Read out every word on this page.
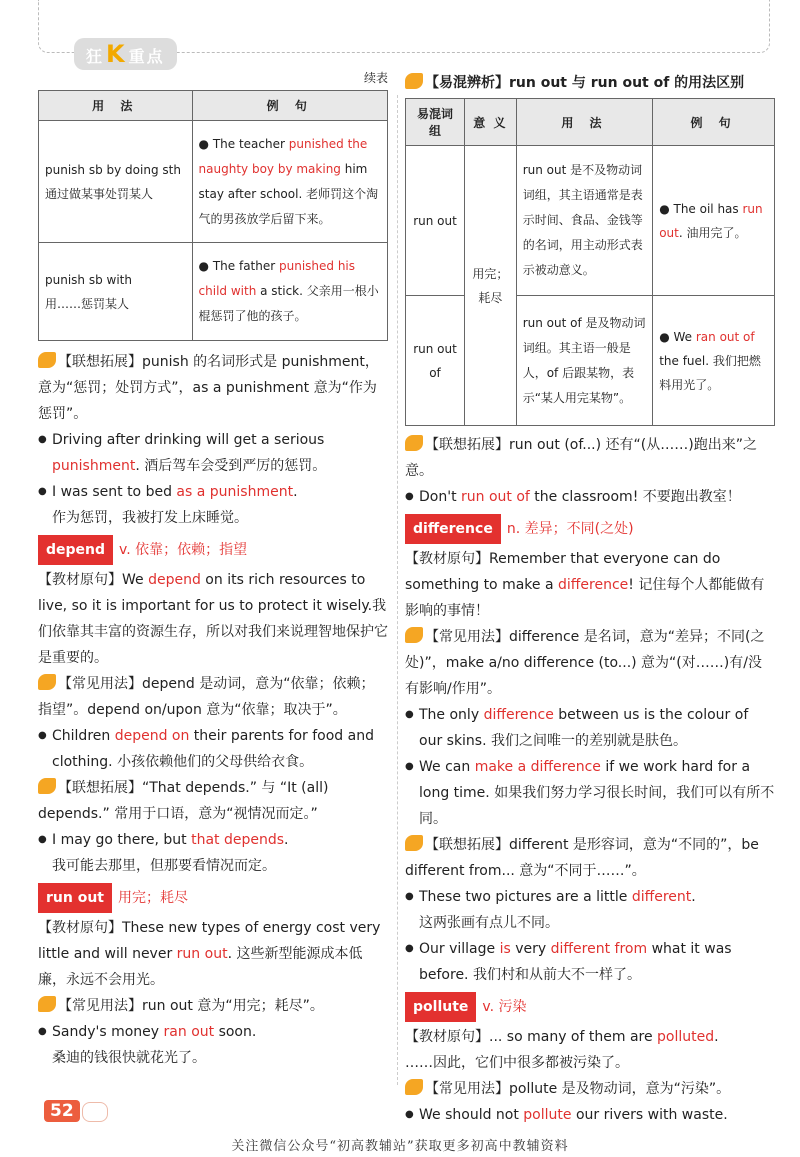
狂K 重点
续表
用 法	例 句

punish sb by doing sth
通过做某事处罚某人	● The teacher punished the naughty boy by making him stay after school. 老师罚这个淘气的男孩放学后留下来。

punish sb with
用……惩罚某人	● The father punished his child with a stick. 父亲用一根小棍惩罚了他的孩子。

【联想拓展】punish 的名词形式是 punishment，意为“惩罚；处罚方式”，as a punishment 意为“作为惩罚”。

● Driving after drinking will get a serious punishment. 酒后驾车会受到严厉的惩罚。
● I was sent to bed as a punishment.
作为惩罚，我被打发上床睡觉。
depend v. 依靠；依赖；指望

【教材原句】We depend on its rich resources to live, so it is important for us to protect it wisely.我们依靠其丰富的资源生存，所以对我们来说理智地保护它是重要的。

【常见用法】depend 是动词，意为“依靠；依赖；指望”。depend on/upon 意为“依靠；取决于”。

● Children depend on their parents for food and clothing. 小孩依赖他们的父母供给衣食。

【联想拓展】“That depends.” 与 “It (all) depends.” 常用于口语，意为“视情况而定。”

● I may go there, but that depends.
我可能去那里，但那要看情况而定。
run out 用完；耗尽

【教材原句】These new types of energy cost very little and will never run out. 这些新型能源成本低廉，永远不会用光。

【常见用法】run out 意为“用完；耗尽”。

● Sandy's money ran out soon.
桑迪的钱很快就花光了。

【易混辨析】run out 与 run out of 的用法区别

易混词组	意 义	用 法	例 句
run out	用完；耗尽	run out 是不及物动词词组，其主语通常是表示时间、食品、金钱等的名词，用主动形式表示被动意义。	● The oil has run out. 油用完了。
run out of		run out of 是及物动词词组。其主语一般是人，of 后跟某物，表示“某人用完某物”。	● We ran out of the fuel. 我们把燃料用光了。

【联想拓展】run out (of...) 还有“(从……)跑出来”之意。

● Don't run out of the classroom! 不要跑出教室！
difference n. 差异；不同(之处)

【教材原句】Remember that everyone can do something to make a difference! 记住每个人都能做有影响的事情！

【常见用法】difference 是名词，意为“差异；不同(之处)”，make a/no difference (to...) 意为“(对……)有/没有影响/作用”。

● The only difference between us is the colour of our skins. 我们之间唯一的差别就是肤色。
● We can make a difference if we work hard for a long time. 如果我们努力学习很长时间，我们可以有所不同。

【联想拓展】different 是形容词，意为“不同的”，be different from... 意为“不同于……”。

● These two pictures are a little different.
这两张画有点儿不同。
● Our village is very different from what it was before. 我们村和从前大不一样了。
pollute v. 污染

【教材原句】... so many of them are polluted.

……因此，它们中很多都被污染了。

【常见用法】pollute 是及物动词，意为“污染”。

● We should not pollute our rivers with waste.
52
关注微信公众号“初高教辅站”获取更多初高中教辅资料
